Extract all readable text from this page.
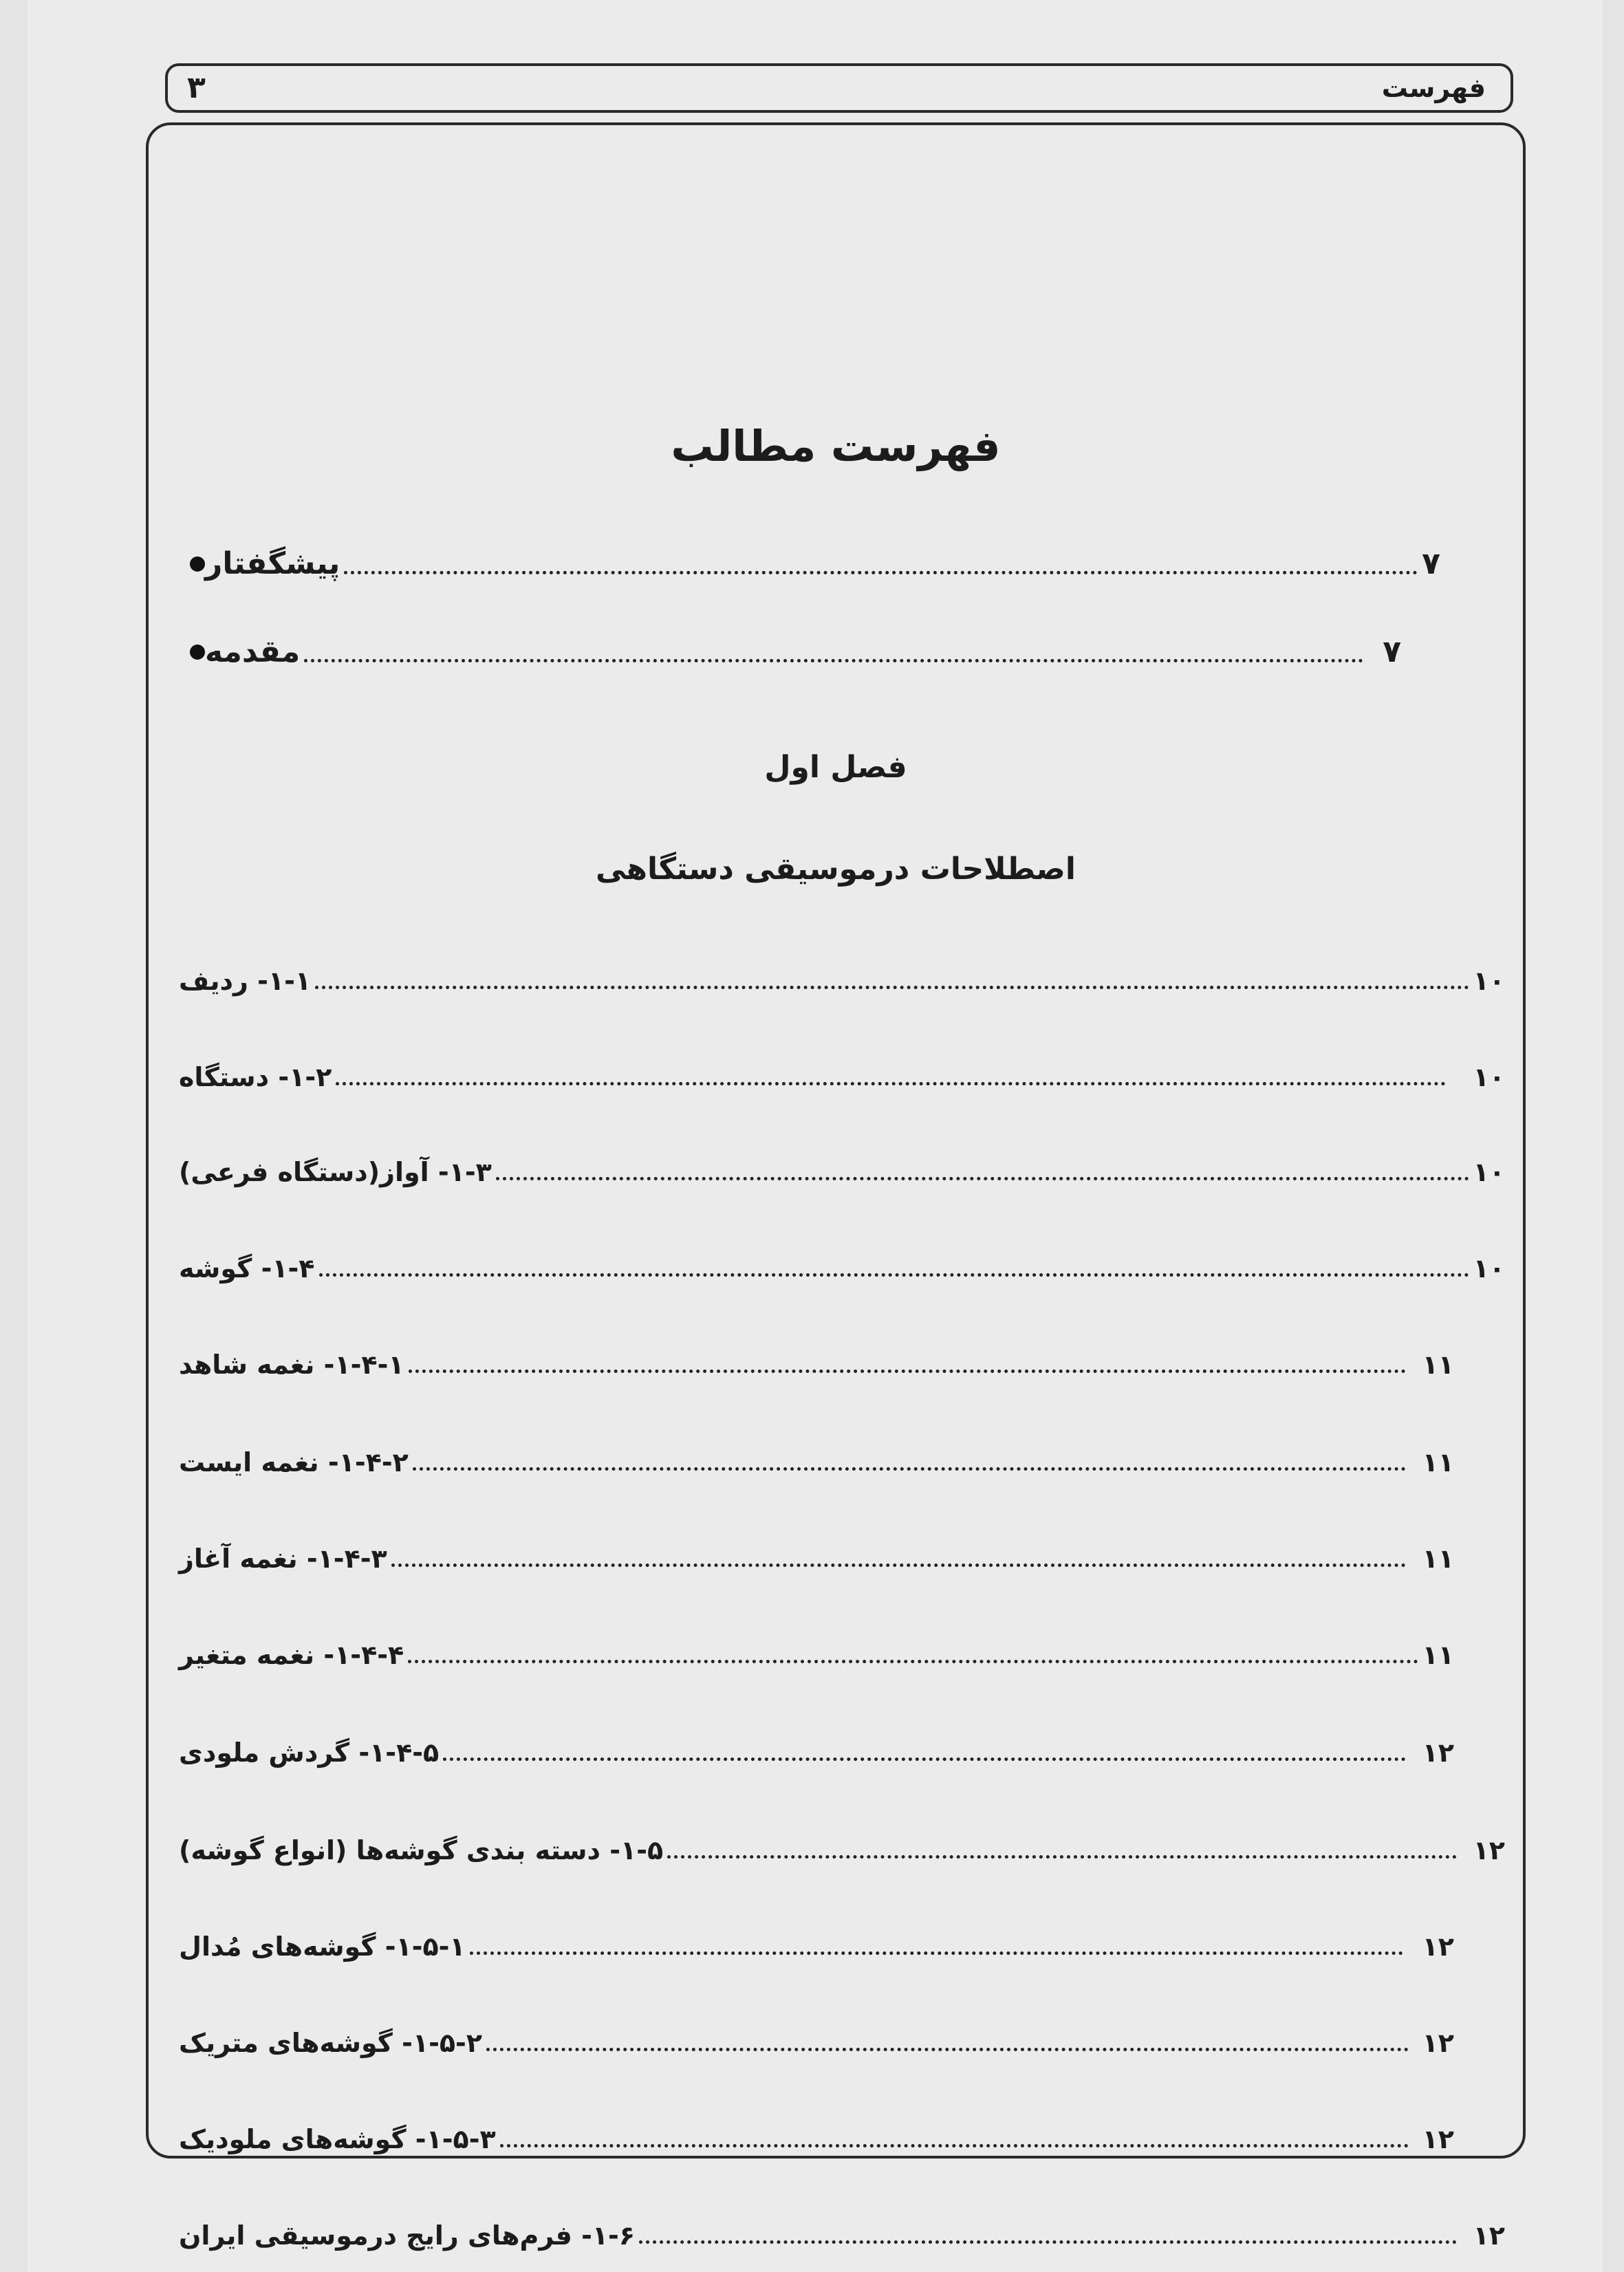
فهرست
۳
فهرست مطالب
پیشگفتار	۷
مقدمه	۷
فصل اول
اصطلاحات درموسیقی دستگاهی
۱-۱- ردیف	۱۰
۱-۲- دستگاه	۱۰
۱-۳- آواز(دستگاه فرعی)	۱۰
۱-۴- گوشه	۱۰
۱-۴-۱- نغمه شاهد	۱۱
۱-۴-۲- نغمه ایست	۱۱
۱-۴-۳- نغمه آغاز	۱۱
۱-۴-۴- نغمه متغیر	۱۱
۱-۴-۵- گردش ملودی	۱۲
۱-۵- دسته بندی گوشه‌ها (انواع گوشه)	۱۲
۱-۵-۱- گوشه‌های مُدال	۱۲
۱-۵-۲- گوشه‌های متریک	۱۲
۱-۵-۳- گوشه‌های ملودیک	۱۲
۱-۶- فرم‌های رایج درموسیقی ایران	۱۲
